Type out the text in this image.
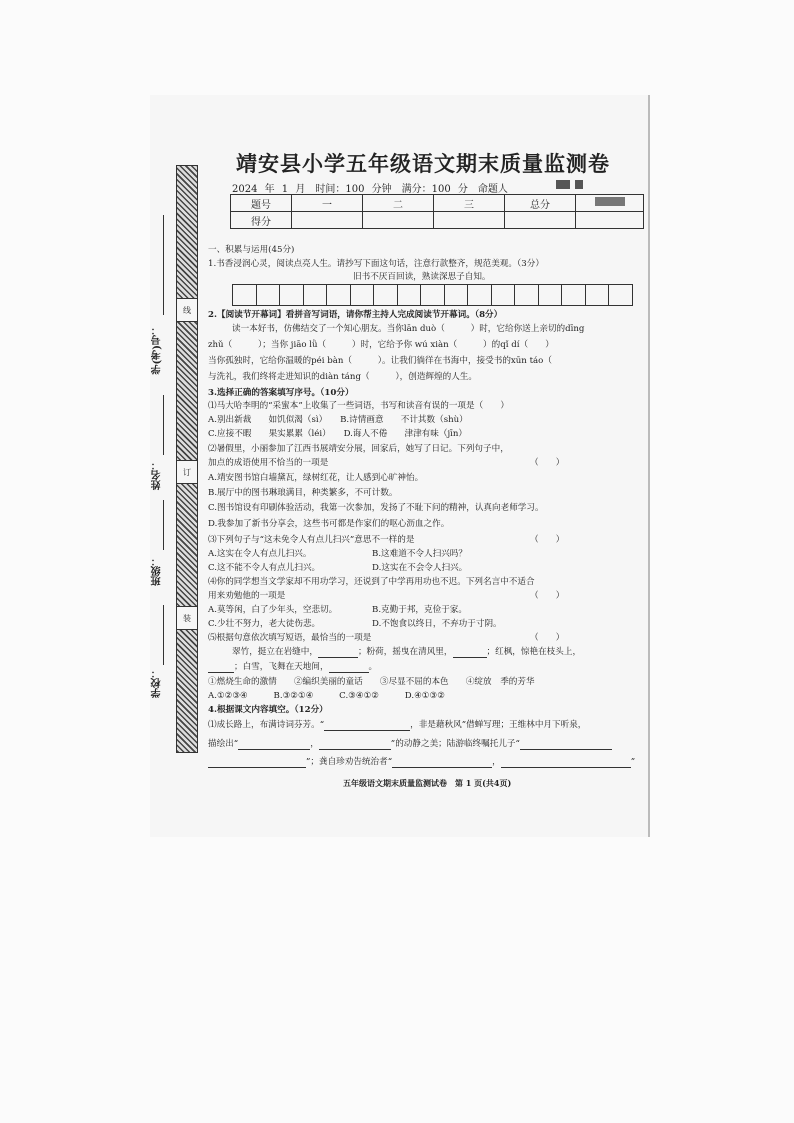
线
订
装
学(考)号：
姓名：
班级：
学校：
靖安县小学五年级语文期末质量监测卷
2024 年 1 月　时间：100 分钟　满分：100 分　命题人
题号	一	二	三	总分	
得分					
一、积累与运用(45分)
1.书香浸润心灵，阅读点亮人生。请抄写下面这句话，注意行款整齐，规范美观。（3分）
旧书不厌百回读，熟读深思子自知。
2.【阅读节开幕词】看拼音写词语，请你帮主持人完成阅读节开幕词。（8分）
读一本好书，仿佛结交了一个知心朋友。当你lān duò（　　　）时，它给你送上亲切的dīng
zhǔ（　　　）；当你 jiāo lǜ（　　　）时，它给予你 wú xiàn（　　　）的qǐ dí（　　）
当你孤独时，它给你温暖的péi bàn（　　　）。让我们徜徉在书海中，接受书的xūn táo（
与洗礼，我们终将走进知识的diàn táng（　　　），创造辉煌的人生。
3.选择正确的答案填写序号。（10分）
⑴马大哈李明的“采蜜本”上收集了一些词语，书写和读音有误的一项是（　　）
A.别出新裁　　如饥似渴（sì）　　B.诗情画意　　不计其数（shù）
C.应接不暇　　果实累累（léi）　　D.诲人不倦　　津津有味（jīn）
⑵暑假里，小丽参加了江西书展靖安分展，回家后，她写了日记。下列句子中，
加点的成语使用不恰当的一项是	（　　）
A.靖安图书馆白墙黛瓦，绿树红花，让人感到心旷神怡。
B.展厅中的图书琳琅满目，种类繁多，不可计数。
C.图书馆设有印刷体验活动，我第一次参加，发扬了不耻下问的精神，认真向老师学习。
D.我参加了新书分享会，这些书可都是作家们的呕心沥血之作。
⑶下列句子与“这未免令人有点儿扫兴”意思不一样的是	（　　）
A.这实在令人有点儿扫兴。	B.这难道不令人扫兴吗？
C.这不能不令人有点儿扫兴。	D.这实在不会令人扫兴。
⑷你的同学想当文学家却不用功学习，还说到了中学再用功也不迟。下列名言中不适合
用来劝勉他的一项是	（　　）
A.莫等闲，白了少年头，空悲切。	B.克勤于邦，克俭于家。
C.少壮不努力，老大徒伤悲。	D.不饱食以终日，不弃功于寸阴。
⑸根据句意依次填写短语，最恰当的一项是	（　　）
翠竹，挺立在岩缝中，	；粉荷，摇曳在清风里，	；红枫，惊艳在枝头上，
；白雪，飞舞在天地间，	。
①燃烧生命的激情　　②编织美丽的童话　　③尽显不屈的本色　　④绽放　季的芳华
A.①②③④　　　B.③②①④　　　C.③④①②　　　D.④①③②
4.根据课文内容填空。（12分）
⑴成长路上，布满诗词芬芳。“	，非是藉秋风”借蝉写理；王维林中月下听泉，
描绘出“	，	”的动静之美；陆游临终嘱托儿子“
”；龚自珍劝告统治者“	，	”
五年级语文期末质量监测试卷　第 1 页(共4页)
